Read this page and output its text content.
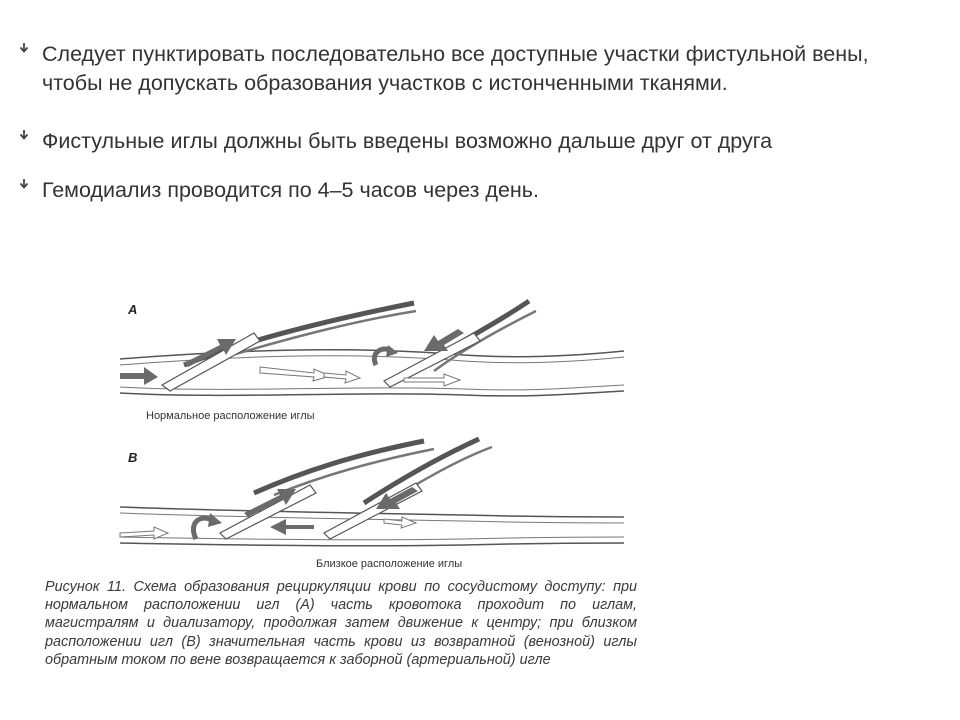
Следует пунктировать последовательно все доступные участки фистульной вены, чтобы не допускать образования участков с истонченными тканями.
Фистульные иглы должны быть введены возможно дальше друг от друга
Гемодиализ проводится по 4–5 часов через день.
A
Нормальное расположение иглы
B
Близкое расположение иглы
Рисунок 11. Схема образования рециркуляции крови по сосудистому доступу: при нормальном расположении игл (А) часть кровотока проходит по иглам, магистралям и диализатору, продолжая затем движение к центру; при близком расположении игл (В) значительная часть крови из возвратной (венозной) иглы обратным током по вене возвращается к заборной (артериальной) игле
